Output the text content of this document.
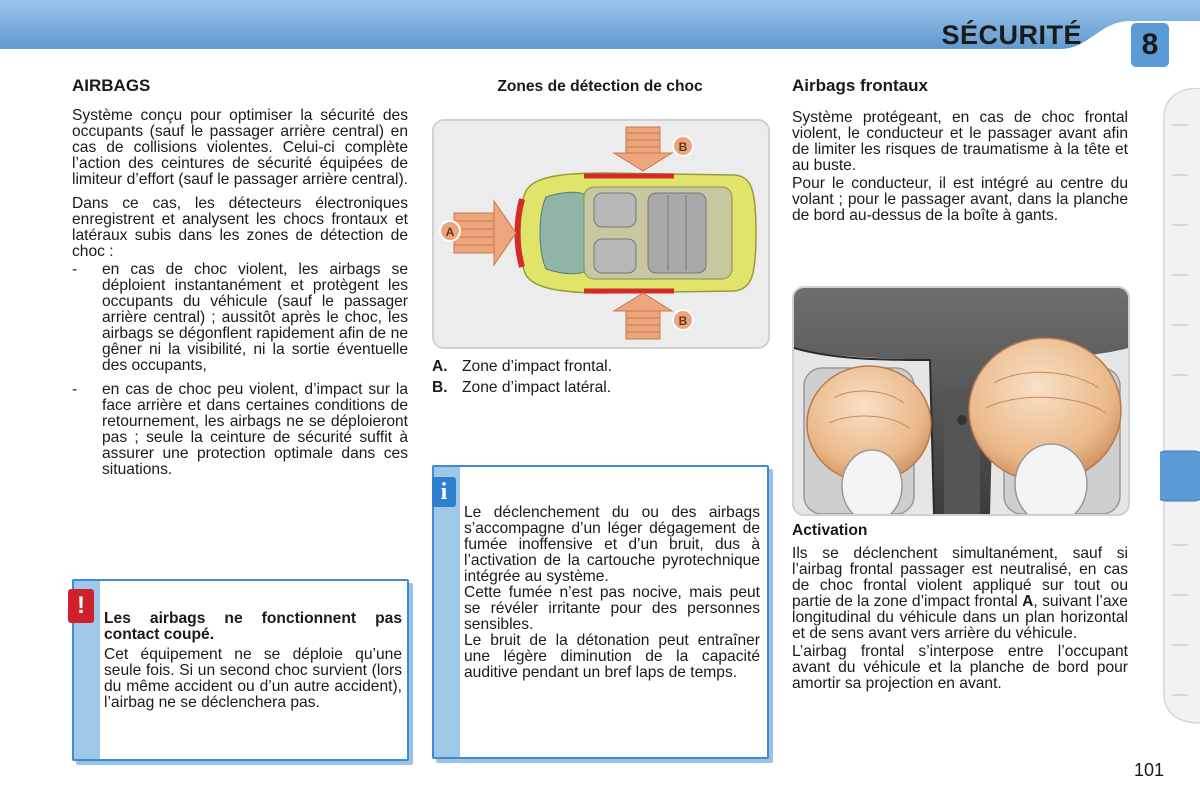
SÉCURITÉ	8
AIRBAGS

Système conçu pour optimiser la sécurité des occupants (sauf le passager arrière central) en cas de collisions violentes. Celui-ci complète l’action des ceintures de sécurité équipées de limiteur d’effort (sauf le passager arrière central).

Dans ce cas, les détecteurs électroniques enregistrent et analysent les chocs frontaux et latéraux subis dans les zones de détection de choc :

- en cas de choc violent, les airbags se déploient instantanément et protègent les occupants du véhicule (sauf le passager arrière central) ; aussitôt après le choc, les airbags se dégonflent rapidement afin de ne gêner ni la visibilité, ni la sortie éventuelle des occupants,
- en cas de choc peu violent, d’impact sur la face arrière et dans certaines conditions de retournement, les airbags ne se déploieront pas ; seule la ceinture de sécurité suffit à assurer une protection optimale dans ces situations.
!	Les airbags ne fonctionnent pas contact coupé.
Cet équipement ne se déploie qu’une seule fois. Si un second choc survient (lors du même accident ou d’un autre accident), l’airbag ne se déclenchera pas.
Zones de détection de choc
A
B
B
A. Zone d’impact frontal.
B. Zone d’impact latéral.
i
Le déclenchement du ou des airbags s’accompagne d’un léger dégagement de fumée inoffensive et d’un bruit, dus à l’activation de la cartouche pyrotechnique intégrée au système.
Cette fumée n’est pas nocive, mais peut se révéler irritante pour des personnes sensibles.
Le bruit de la détonation peut entraîner une légère diminution de la capacité auditive pendant un bref laps de temps.
Airbags frontaux

Système protégeant, en cas de choc frontal violent, le conducteur et le passager avant afin de limiter les risques de traumatisme à la tête et au buste.

Pour le conducteur, il est intégré au centre du volant ; pour le passager avant, dans la planche de bord au-dessus de la boîte à gants.

Activation

Ils se déclenchent simultanément, sauf si l’airbag frontal passager est neutralisé, en cas de choc frontal violent appliqué sur tout ou partie de la zone d’impact frontal A, suivant l’axe longitudinal du véhicule dans un plan horizontal et de sens avant vers arrière du véhicule.

L’airbag frontal s’interpose entre l’occupant avant du véhicule et la planche de bord pour amortir sa projection en avant.

101
